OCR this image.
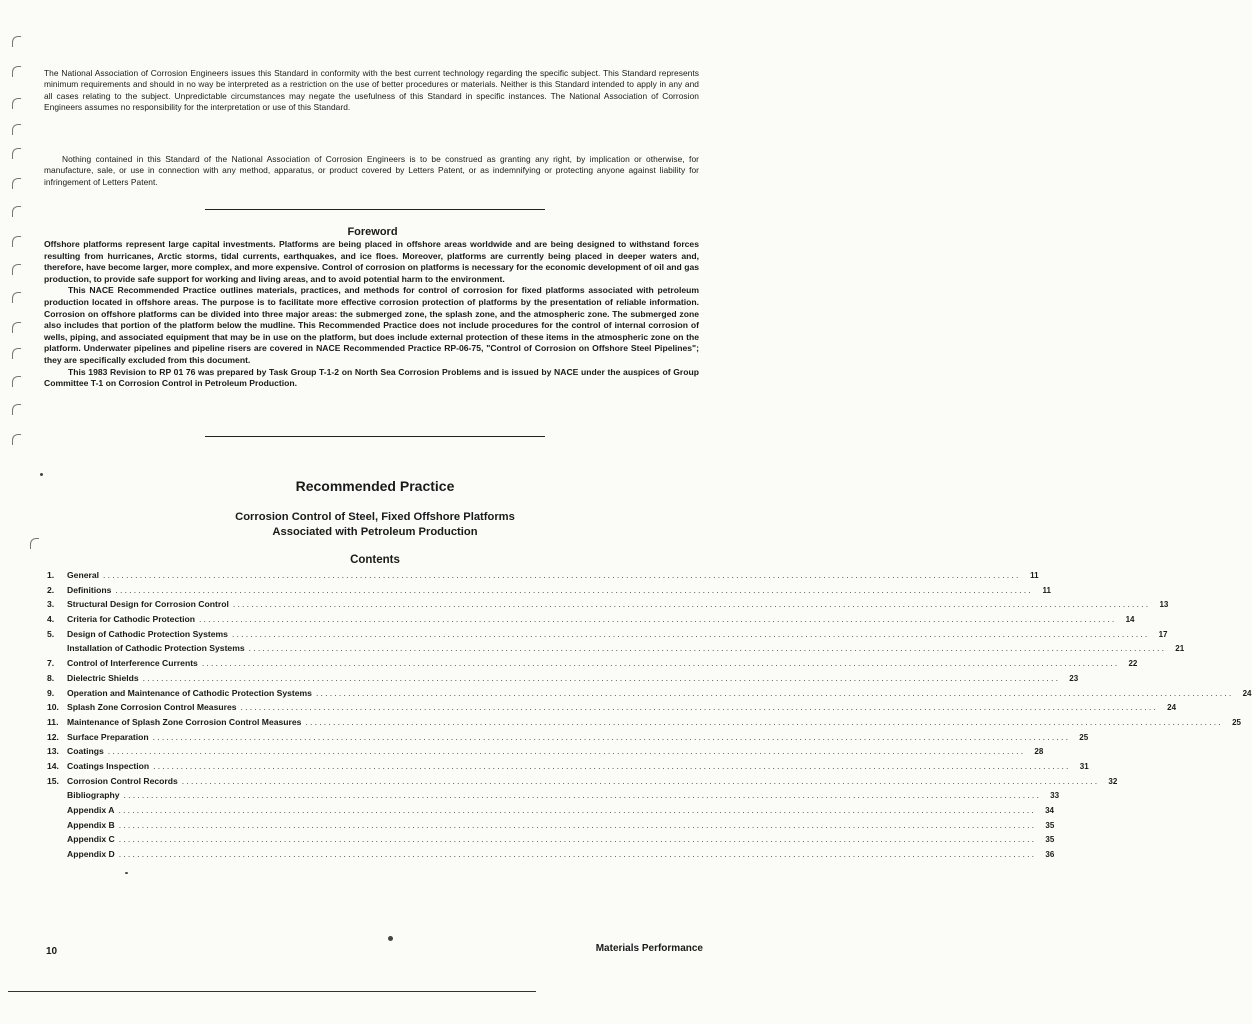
The National Association of Corrosion Engineers issues this Standard in conformity with the best current technology regarding the specific subject. This Standard represents minimum requirements and should in no way be interpreted as a restriction on the use of better procedures or materials. Neither is this Standard intended to apply in any and all cases relating to the subject. Unpredictable circumstances may negate the usefulness of this Standard in specific instances. The National Association of Corrosion Engineers assumes no responsibility for the interpretation or use of this Standard.
Nothing contained in this Standard of the National Association of Corrosion Engineers is to be construed as granting any right, by implication or otherwise, for manufacture, sale, or use in connection with any method, apparatus, or product covered by Letters Patent, or as indemnifying or protecting anyone against liability for infringement of Letters Patent.
Foreword

Offshore platforms represent large capital investments. Platforms are being placed in offshore areas worldwide and are being designed to withstand forces resulting from hurricanes, Arctic storms, tidal currents, earthquakes, and ice floes. Moreover, platforms are currently being placed in deeper waters and, therefore, have become larger, more complex, and more expensive. Control of corrosion on platforms is necessary for the economic development of oil and gas production, to provide safe support for working and living areas, and to avoid potential harm to the environment.

This NACE Recommended Practice outlines materials, practices, and methods for control of corrosion for fixed platforms associated with petroleum production located in offshore areas. The purpose is to facilitate more effective corrosion protection of platforms by the presentation of reliable information. Corrosion on offshore platforms can be divided into three major areas: the submerged zone, the splash zone, and the atmospheric zone. The submerged zone also includes that portion of the platform below the mudline. This Recommended Practice does not include procedures for the control of internal corrosion of wells, piping, and associated equipment that may be in use on the platform, but does include external protection of these items in the atmospheric zone on the platform. Underwater pipelines and pipeline risers are covered in NACE Recommended Practice RP-06-75, "Control of Corrosion on Offshore Steel Pipelines"; they are specifically excluded from this document.

This 1983 Revision to RP 01 76 was prepared by Task Group T-1-2 on North Sea Corrosion Problems and is issued by NACE under the auspices of Group Committee T-1 on Corrosion Control in Petroleum Production.

Recommended Practice
Corrosion Control of Steel, Fixed Offshore Platforms
Associated with Petroleum Production
Contents
1.	General ........................................................................................................................................................................................................	11
2.	Definitions ........................................................................................................................................................................................................	11
3.	Structural Design for Corrosion Control ........................................................................................................................................................................................................	13
4.	Criteria for Cathodic Protection ........................................................................................................................................................................................................	14
5.	Design of Cathodic Protection Systems ........................................................................................................................................................................................................	17
Installation of Cathodic Protection Systems ........................................................................................................................................................................................................	21
7.	Control of Interference Currents ........................................................................................................................................................................................................	22
8.	Dielectric Shields ........................................................................................................................................................................................................	23
9.	Operation and Maintenance of Cathodic Protection Systems ........................................................................................................................................................................................................	24
10. Splash Zone Corrosion Control Measures ........................................................................................................................................................................................................	24
11. Maintenance of Splash Zone Corrosion Control Measures ........................................................................................................................................................................................................	25
12. Surface Preparation ........................................................................................................................................................................................................	25
13. Coatings ........................................................................................................................................................................................................	28
14. Coatings Inspection ........................................................................................................................................................................................................	31
15. Corrosion Control Records ........................................................................................................................................................................................................	32
Bibliography ........................................................................................................................................................................................................	33
Appendix A ........................................................................................................................................................................................................	34
Appendix B ........................................................................................................................................................................................................	35
Appendix C ........................................................................................................................................................................................................	35
Appendix D ........................................................................................................................................................................................................	36
10	Materials Performance
